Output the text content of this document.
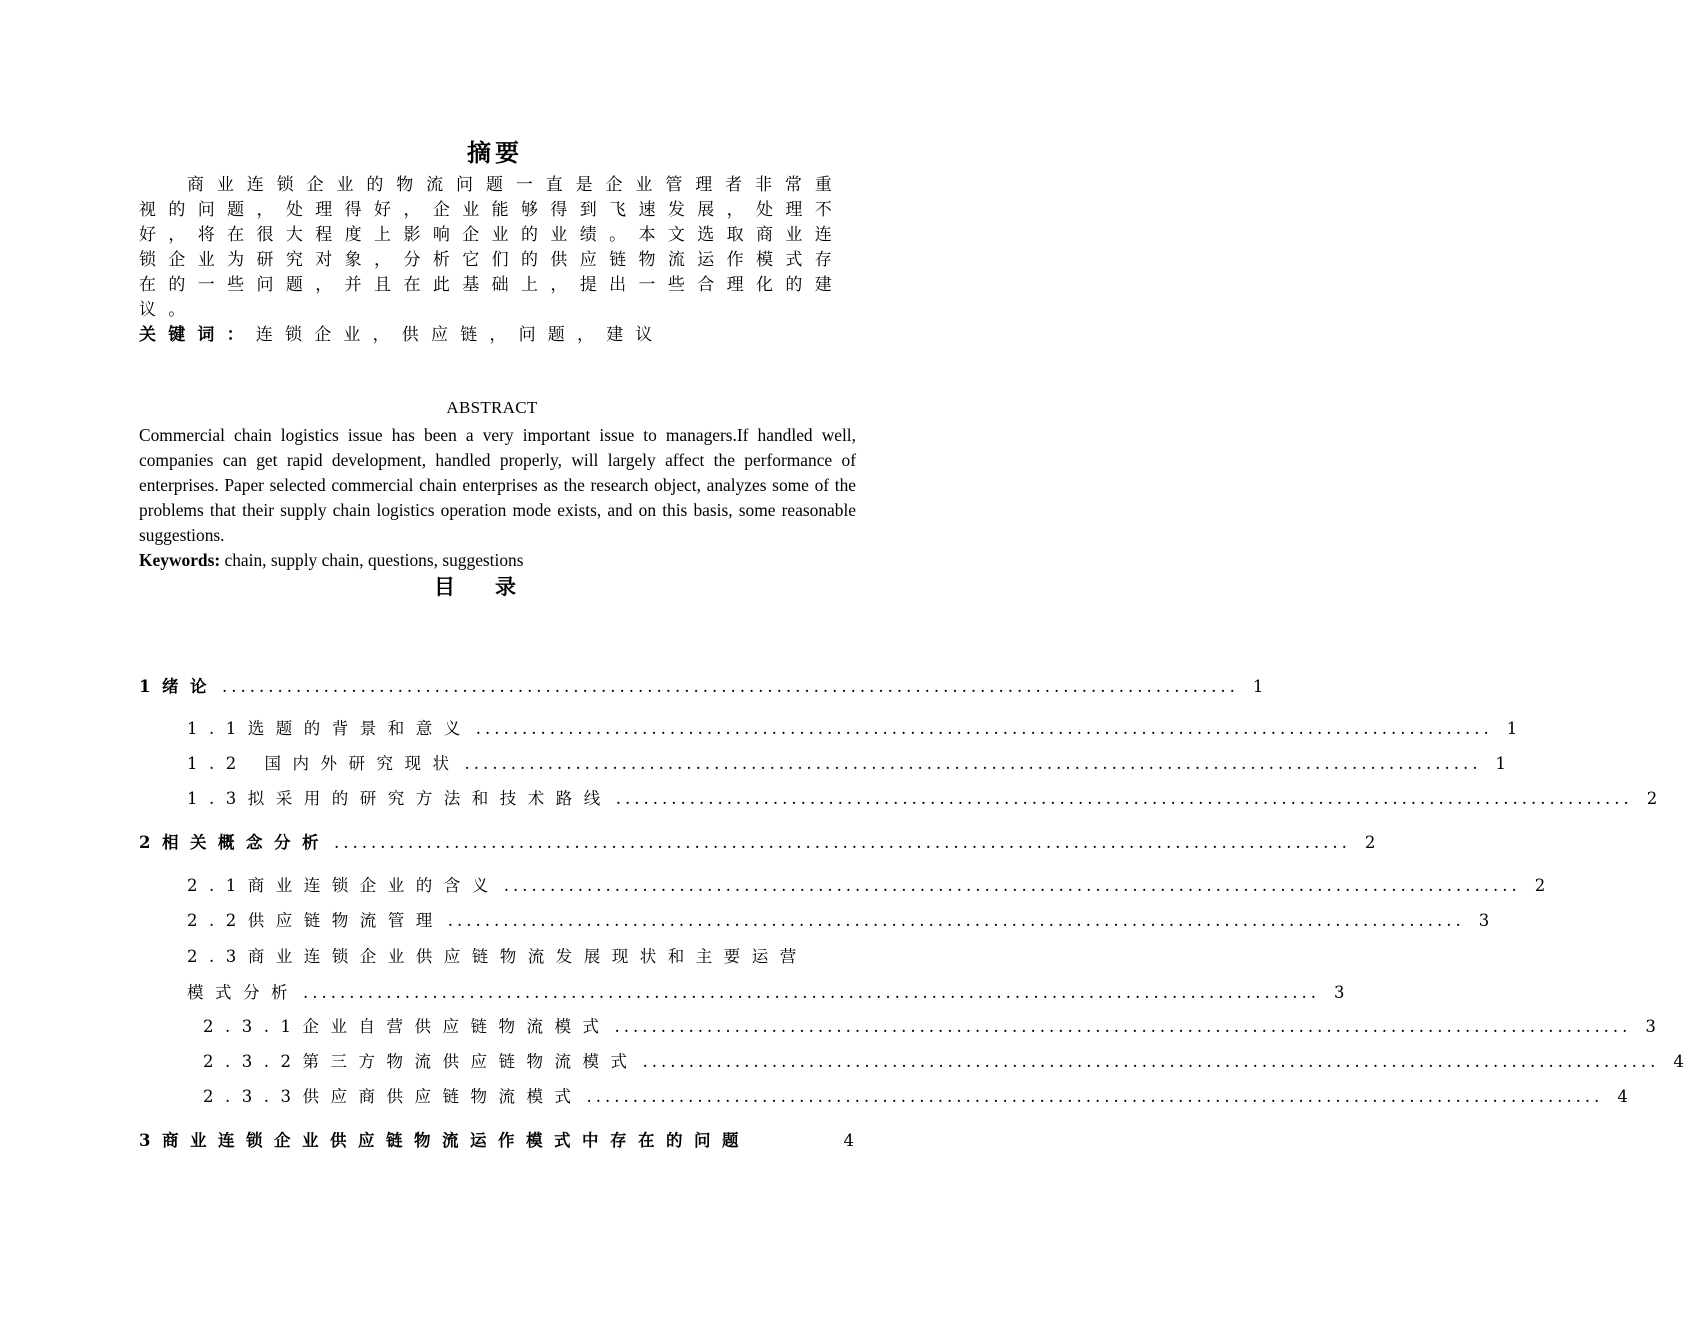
摘要
商业连锁企业的物流问题一直是企业管理者非常重视的问题，处理得好，企业能够得到飞速发展，处理不好，将在很大程度上影响企业的业绩。本文选取商业连锁企业为研究对象，分析它们的供应链物流运作模式存在的一些问题，并且在此基础上，提出一些合理化的建议。
关键词：连锁企业，供应链，问题，建议
ABSTRACT
Commercial chain logistics issue has been a very important issue to managers.If handled well, companies can get rapid development, handled properly, will largely affect the performance of enterprises. Paper selected commercial chain enterprises as the research object, analyzes some of the problems that their supply chain logistics operation mode exists, and on this basis, some reasonable suggestions.
Keywords: chain, supply chain, questions, suggestions
目录
1绪论 .............................................................................................................. 1
1.1选题的背景和意义 .............................................................................................................. 1
1.2 国内外研究现状 .............................................................................................................. 1
1.3拟采用的研究方法和技术路线 .............................................................................................................. 2
2相关概念分析 .............................................................................................................. 2
2.1商业连锁企业的含义 .............................................................................................................. 2
2.2供应链物流管理 .............................................................................................................. 3
2.3商业连锁企业供应链物流发展现状和主要运营
模式分析 .............................................................................................................. 3
2.3.1企业自营供应链物流模式 .............................................................................................................. 3
2.3.2第三方物流供应链物流模式 .............................................................................................................. 4
2.3.3供应商供应链物流模式 .............................................................................................................. 4
3商业连锁企业供应链物流运作模式中存在的问题	4
